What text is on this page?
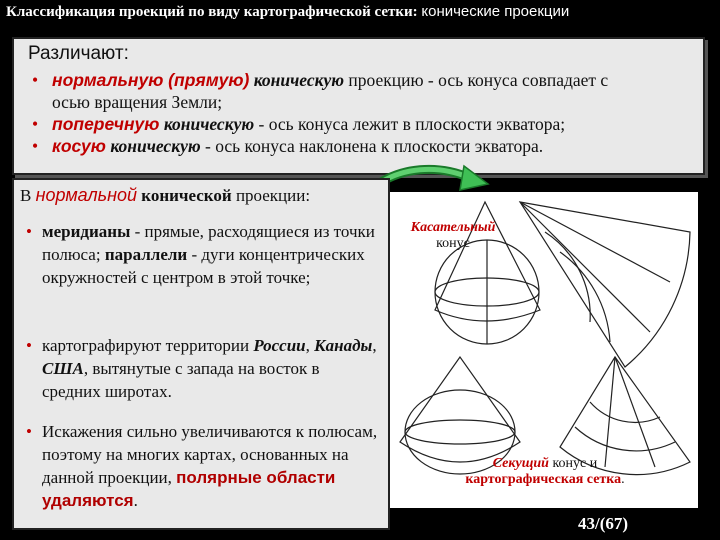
Классификация проекций по виду картографической сетки: конические проекции
Различают:
• нормальную (прямую) коническую проекцию - ось конуса совпадает с
осью вращения Земли;
• поперечную коническую - ось конуса лежит в плоскости экватора;
• косую коническую - ось конуса наклонена к плоскости экватора.
В нормальной конической проекции:
• меридианы - прямые, расходящиеся из точки полюса; параллели - дуги концентрических окружностей с центром в этой точке;
• картографируют территории России, Канады, США, вытянутые с запада на восток в средних широтах.
• Искажения сильно увеличиваются к полюсам, поэтому на многих картах, основанных на данной проекции, полярные области удаляются.
Касательный
конус
Секущий конус и
картографическая сетка.
43/(67)
